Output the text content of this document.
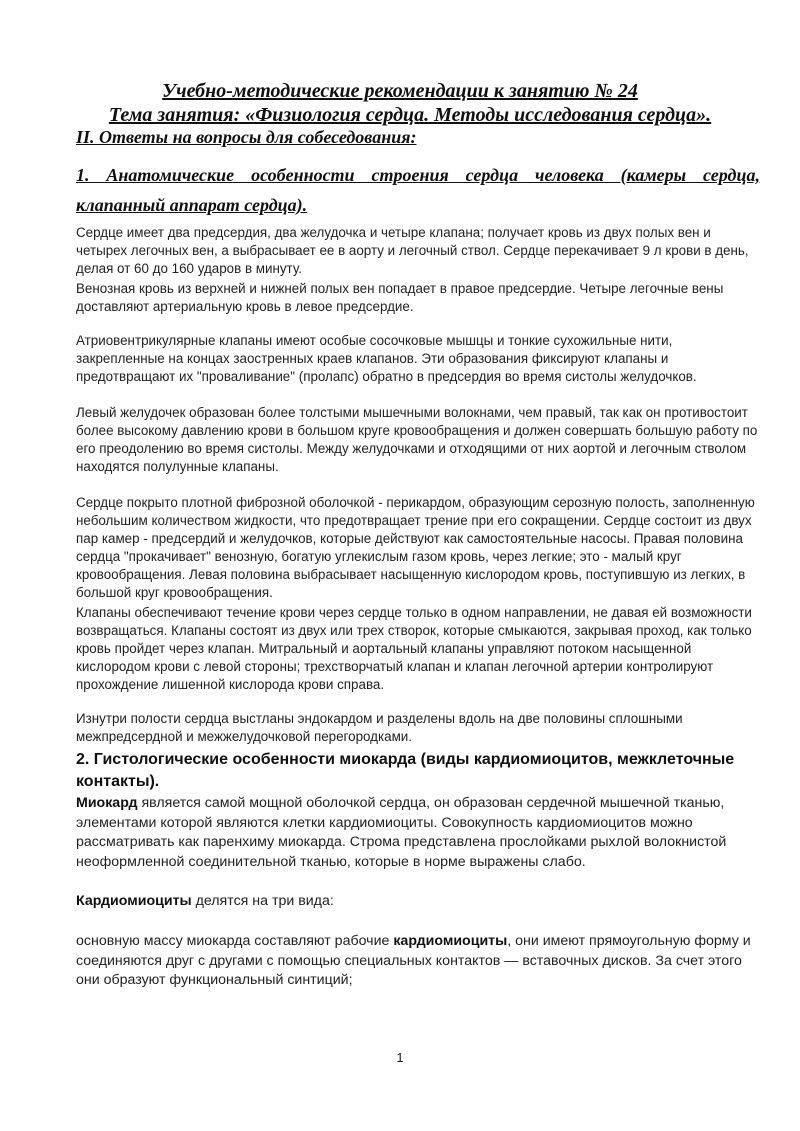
Учебно-методические рекомендации к занятию № 24

Тема занятия: «Физиология сердца. Методы исследования сердца».

II. Ответы на вопросы для собеседования:

1. Анатомические особенности строения сердца человека (камеры сердца, клапанный аппарат сердца).

Сердце имеет два предсердия, два желудочка и четыре клапана; получает кровь из двух полых вен и четырех легочных вен, а выбрасывает ее в аорту и легочный ствол. Сердце перекачивает 9 л крови в день, делая от 60 до 160 ударов в минуту.

Венозная кровь из верхней и нижней полых вен попадает в правое предсердие. Четыре легочные вены доставляют артериальную кровь в левое предсердие.

Атриовентрикулярные клапаны имеют особые сосочковые мышцы и тонкие сухожильные нити, закрепленные на концах заостренных краев клапанов. Эти образования фиксируют клапаны и предотвращают их "проваливание" (пролапс) обратно в предсердия во время систолы желудочков.

Левый желудочек образован более толстыми мышечными волокнами, чем правый, так как он противостоит более высокому давлению крови в большом круге кровообращения и должен совершать большую работу по его преодолению во время систолы. Между желудочками и отходящими от них аортой и легочным стволом находятся полулунные клапаны.

Сердце покрыто плотной фиброзной оболочкой - перикардом, образующим серозную полость, заполненную небольшим количеством жидкости, что предотвращает трение при его сокращении. Сердце состоит из двух пар камер - предсердий и желудочков, которые действуют как самостоятельные насосы. Правая половина сердца "прокачивает" венозную, богатую углекислым газом кровь, через легкие; это - малый круг кровообращения. Левая половина выбрасывает насыщенную кислородом кровь, поступившую из легких, в большой круг кровообращения.

Клапаны обеспечивают течение крови через сердце только в одном направлении, не давая ей возможности возвращаться. Клапаны состоят из двух или трех створок, которые смыкаются, закрывая проход, как только кровь пройдет через клапан. Митральный и аортальный клапаны управляют потоком насыщенной кислородом крови с левой стороны; трехстворчатый клапан и клапан легочной артерии контролируют прохождение лишенной кислорода крови справа.

Изнутри полости сердца выстланы эндокардом и разделены вдоль на две половины сплошными межпредсердной и межжелудочковой перегородками.

2. Гистологические особенности миокарда (виды кардиомиоцитов, межклеточные контакты).

Миокард является самой мощной оболочкой сердца, он образован сердечной мышечной тканью, элементами которой являются клетки кардиомиоциты. Совокупность кардиомиоцитов можно рассматривать как паренхиму миокарда. Строма представлена прослойками рыхлой волокнистой неоформленной соединительной тканью, которые в норме выражены слабо.

Кардиомиоциты делятся на три вида:

основную массу миокарда составляют рабочие кардиомиоциты, они имеют прямоугольную форму и соединяются друг с другами с помощью специальных контактов — вставочных дисков. За счет этого они образуют функциональный синтиций;

1
